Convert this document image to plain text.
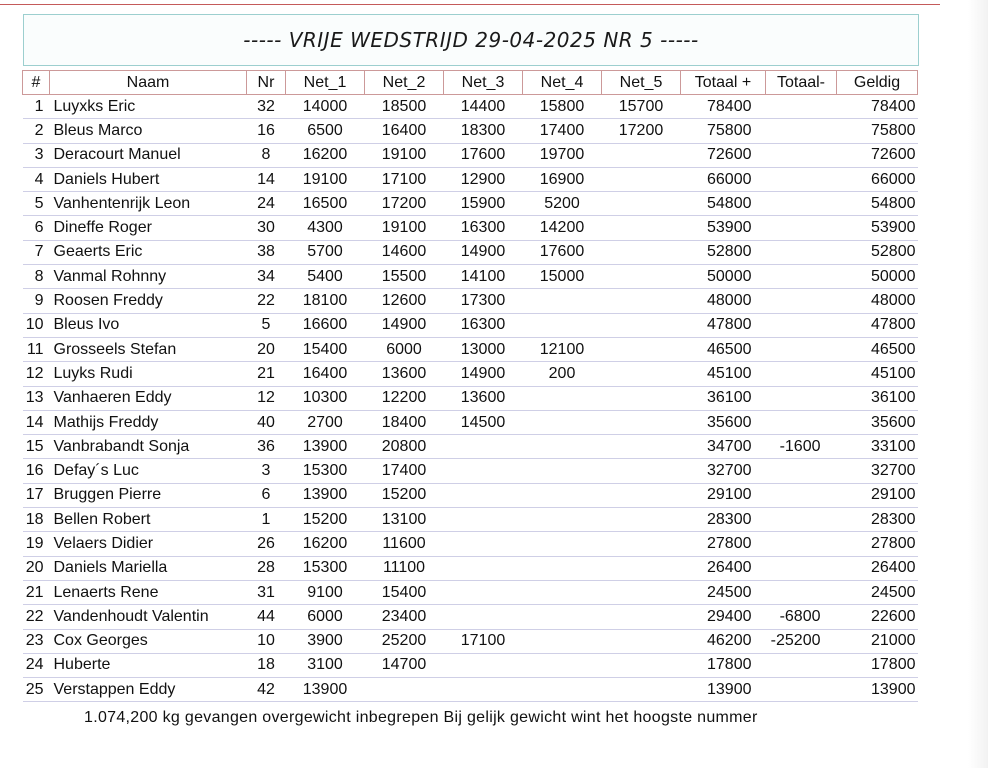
----- VRIJE WEDSTRIJD 29-04-2025 NR 5 -----
#	Naam	Nr	Net_1	Net_2	Net_3	Net_4	Net_5	Totaal +	Totaal-	Geldig
1	Luyxks Eric	32	14000	18500	14400	15800	15700	78400		78400
2	Bleus Marco	16	6500	16400	18300	17400	17200	75800		75800
3	Deracourt Manuel	8	16200	19100	17600	19700		72600		72600
4	Daniels Hubert	14	19100	17100	12900	16900		66000		66000
5	Vanhentenrijk Leon	24	16500	17200	15900	5200		54800		54800
6	Dineffe Roger	30	4300	19100	16300	14200		53900		53900
7	Geaerts Eric	38	5700	14600	14900	17600		52800		52800
8	Vanmal Rohnny	34	5400	15500	14100	15000		50000		50000
9	Roosen Freddy	22	18100	12600	17300			48000		48000
10	Bleus Ivo	5	16600	14900	16300			47800		47800
11	Grosseels Stefan	20	15400	6000	13000	12100		46500		46500
12	Luyks Rudi	21	16400	13600	14900	200		45100		45100
13	Vanhaeren Eddy	12	10300	12200	13600			36100		36100
14	Mathijs Freddy	40	2700	18400	14500			35600		35600
15	Vanbrabandt Sonja	36	13900	20800				34700	-1600	33100
16	Defay´s Luc	3	15300	17400				32700		32700
17	Bruggen Pierre	6	13900	15200				29100		29100
18	Bellen Robert	1	15200	13100				28300		28300
19	Velaers Didier	26	16200	11600				27800		27800
20	Daniels Mariella	28	15300	11100				26400		26400
21	Lenaerts Rene	31	9100	15400				24500		24500
22	Vandenhoudt Valentin	44	6000	23400				29400	-6800	22600
23	Cox Georges	10	3900	25200	17100			46200	-25200	21000
24	Huberte	18	3100	14700				17800		17800
25	Verstappen Eddy	42	13900					13900		13900
1.074,200 kg gevangen overgewicht inbegrepen Bij gelijk gewicht wint het hoogste nummer
